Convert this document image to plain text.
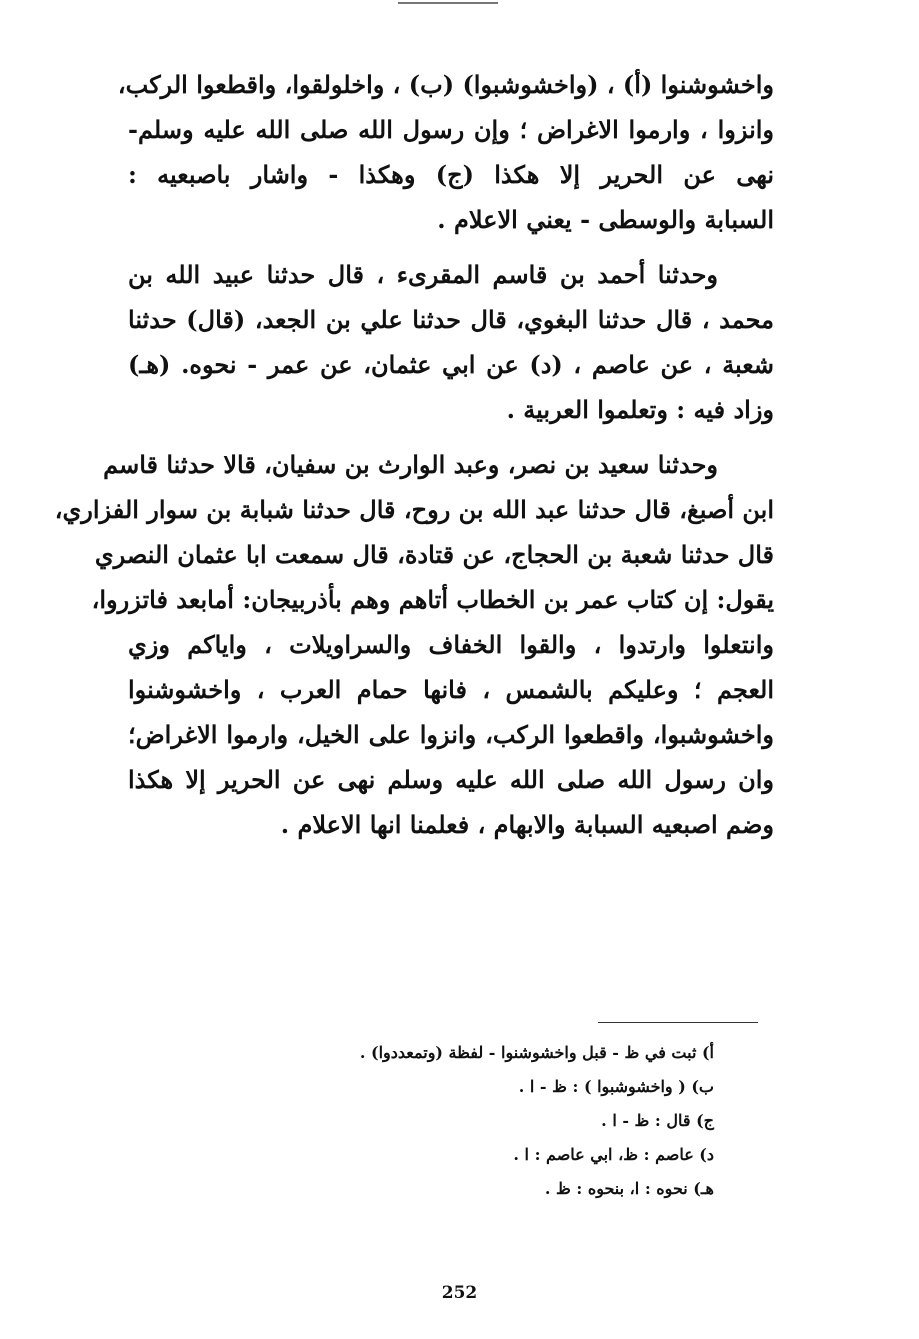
واخشوشنوا (أ) ، (واخشوشبوا) (ب) ، واخلولقوا، واقطعوا الركب،
وانزوا ، وارموا الاغراض ؛ وإن رسول الله صلى الله عليه وسلم-
نهى عن الحرير إلا هكذا (ج) وهكذا - واشار باصبعيه :
السبابة والوسطى - يعني الاعلام .
وحدثنا أحمد بن قاسم المقرىء ، قال حدثنا عبيد الله بن
محمد ، قال حدثنا البغوي، قال حدثنا علي بن الجعد، (قال) حدثنا
شعبة ، عن عاصم ، (د) عن ابي عثمان، عن عمر - نحوه. (هـ)
وزاد فيه : وتعلموا العربية .
وحدثنا سعيد بن نصر، وعبد الوارث بن سفيان، قالا حدثنا قاسم
ابن أصبغ، قال حدثنا عبد الله بن روح، قال حدثنا شبابة بن سوار الفزاري،
قال حدثنا شعبة بن الحجاج، عن قتادة، قال سمعت ابا عثمان النصري
يقول: إن كتاب عمر بن الخطاب أتاهم وهم بأذربيجان: أمابعد فاتزروا،
وانتعلوا وارتدوا ، والقوا الخفاف والسراويلات ، واياكم وزي
العجم ؛ وعليكم بالشمس ، فانها حمام العرب ، واخشوشنوا
واخشوشبوا، واقطعوا الركب، وانزوا على الخيل، وارموا الاغراض؛
وان رسول الله صلى الله عليه وسلم نهى عن الحرير إلا هكذا
وضم اصبعيه السبابة والابهام ، فعلمنا انها الاعلام .
أ) ثبت في ظ - قبل واخشوشنوا - لفظة (وتمعددوا) .
ب) ( واخشوشبوا ) : ظ - ا .
ج) قال : ظ - ا .
د) عاصم : ظ، ابي عاصم : ا .
هـ) نحوه : ا، بنحوه : ظ .
252
